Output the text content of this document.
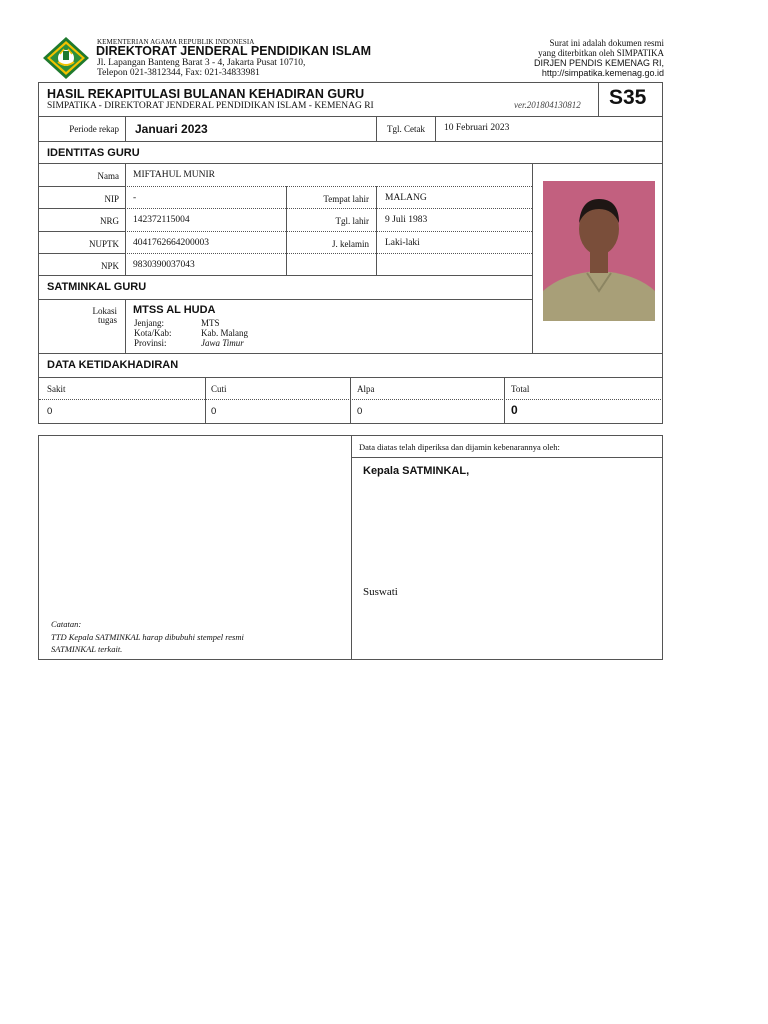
KEMENTERIAN AGAMA REPUBLIK INDONESIA
DIREKTORAT JENDERAL PENDIDIKAN ISLAM
Jl. Lapangan Banteng Barat 3 - 4, Jakarta Pusat 10710,
Telepon 021-3812344, Fax: 021-34833981
Surat ini adalah dokumen resmi
yang diterbitkan oleh SIMPATIKA
DIRJEN PENDIS KEMENAG RI,
http://simpatika.kemenag.go.id
HASIL REKAPITULASI BULANAN KEHADIRAN GURU
SIMPATIKA - DIREKTORAT JENDERAL PENDIDIKAN ISLAM - KEMENAG RI	ver.201804130812 S35
Periode rekap Januari 2023	Tgl. Cetak 10 Februari 2023
IDENTITAS GURU
Nama MIFTAHUL MUNIR
NIP -	Tempat lahir MALANG
NRG 142372115004	Tgl. lahir 9 Juli 1983
NUPTK 4041762664200003	J. kelamin Laki-laki
NPK 9830390037043
SATMINKAL GURU
Lokasi
tugas
MTSS AL HUDA
Jenjang:	MTS
Kota/Kab:	Kab. Malang
Provinsi:	Jawa Timur
DATA KETIDAKHADIRAN
Sakit	Cuti	Alpa	Total
0	0	0	0
Data diatas telah diperiksa dan dijamin kebenarannya oleh:
Kepala SATMINKAL,
Suswati
Catatan:
TTD Kepala SATMINKAL harap dibubuhi stempel resmi
SATMINKAL terkait.
